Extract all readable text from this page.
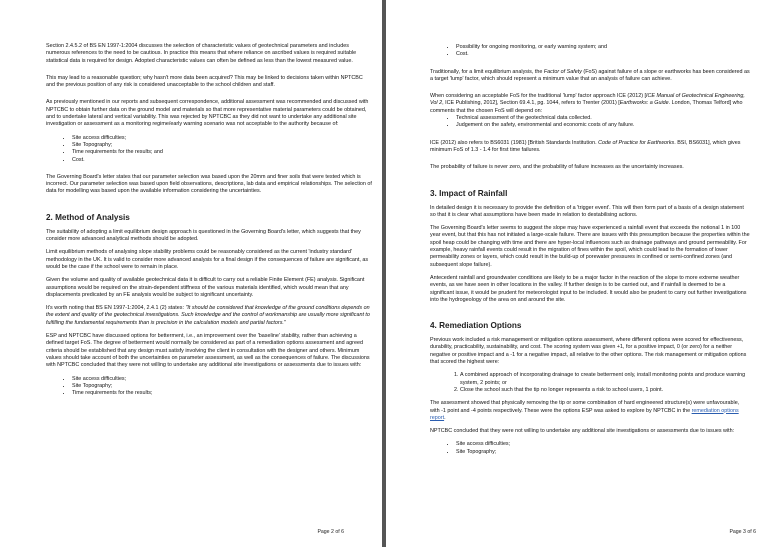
Section 2.4.5.2 of BS EN 1997-1:2004 discusses the selection of characteristic values of geotechnical parameters and includes numerous references to the need to be cautious. In practice this means that where reliance on ascribed values is required suitable statistical data is required for design. Adopted characteristic values can often be defined as less than the lowest measured value.

This may lead to a reasonable question; why hasn't more data been acquired? This may be linked to decisions taken within NPTCBC and the previous position of any risk is considered unacceptable to the school children and staff.

As previously mentioned in our reports and subsequent correspondence, additional assessment was recommended and discussed with NPTCBC to obtain further data on the ground model and materials so that more representative material parameters could be obtained, and to undertake lateral and vertical variability. This was rejected by NPTCBC as they did not want to undertake any additional site investigation or assessment as a monitoring regime/early warning scenario was not acceptable to the authority because of:

• Site access difficulties;
• Site Topography;
• Time requirements for the results; and
• Cost.

The Governing Board's letter states that our parameter selection was based upon the 20mm and finer soils that were tested which is incorrect. Our parameter selection was based upon field observations, descriptions, lab data and empirical relationships. The selection of data for modelling was based upon the available information considering the uncertainties.

2. Method of Analysis

The suitability of adopting a limit equilibrium design approach is questioned in the Governing Board's letter, which suggests that they consider more advanced analytical methods should be adopted.

Limit equilibrium methods of analysing slope stability problems could be reasonably considered as the current 'industry standard' methodology in the UK. It is valid to consider more advanced analysis for a final design if the consequences of failure are significant, as would be the case if the school were to remain in place.

Given the volume and quality of available geotechnical data it is difficult to carry out a reliable Finite Element (FE) analysis. Significant assumptions would be required on the strain-dependent stiffness of the various materials identified, which would mean that any displacements predicated by an FE analysis would be subject to significant uncertainty.

It's worth noting that BS EN 1997-1:2004, 2.4.1 (2) states: "It should be considered that knowledge of the ground conditions depends on the extent and quality of the geotechnical investigations. Such knowledge and the control of workmanship are usually more significant to fulfilling the fundamental requirements than is precision in the calculation models and partial factors."

ESP and NPTCBC have discussed options for betterment, i.e., an improvement over the 'baseline' stability, rather than achieving a defined target FoS. The degree of betterment would normally be considered as part of a remediation options assessment and agreed criteria should be established that any design must satisfy involving the client in consultation with the designer and others. Minimum values should take account of both the uncertainties on parameter assessment, as well as the consequences of failure. The discussions with NPTCBC concluded that they were not willing to undertake any additional site investigations or assessments due to issues with:

• Site access difficulties;
• Site Topography;
• Time requirements for the results;
Page 2 of 6
• Possibility for ongoing monitoring, or early warning system; and
• Cost.

Traditionally, for a limit equilibrium analysis, the Factor of Safety (FoS) against failure of a slope or earthworks has been considered as a target 'lump' factor, which should represent a minimum value that an analysis of failure can achieve.

When considering an acceptable FoS for the traditional 'lump' factor approach ICE (2012) [ICE Manual of Geotechnical Engineering, Vol 2, ICE Publishing, 2012], Section 69.4.1, pg. 1044, refers to Trenter (2001) [Earthworks: a Guide. London, Thomas Telford] who comments that the chosen FoS will depend on:

• Technical assessment of the geotechnical data collected.
• Judgement on the safety, environmental and economic costs of any failure.

ICE (2012) also refers to BS6031 (1981) [British Standards Institution. Code of Practice for Earthworks. BSI, BS6031], which gives minimum FoS of 1.3 - 1.4 for first time failures.

The probability of failure is never zero, and the probability of failure increases as the uncertainty increases.

3. Impact of Rainfall

In detailed design it is necessary to provide the definition of a 'trigger event'. This will then form part of a basis of a design statement so that it is clear what assumptions have been made in relation to destabilising actions.

The Governing Board's letter seems to suggest the slope may have experienced a rainfall event that exceeds the notional 1 in 100 year event, but that this has not initiated a large-scale failure. There are issues with this presumption because the properties within the spoil heap could be changing with time and there are hyper-local influences such as drainage pathways and ground permeability. For example, heavy rainfall events could result in the migration of fines within the spoil, which could lead to the formation of lower permeability zones or layers, which could result in the build-up of porewater pressures in confined or semi-confined zones (and subsequent slope failure).

Antecedent rainfall and groundwater conditions are likely to be a major factor in the reaction of the slope to more extreme weather events, as we have seen in other locations in the valley. If further design is to be carried out, and if rainfall is deemed to be a significant issue, it would be prudent for meteorologist input to be included. It would also be prudent to carry out further investigations into the hydrogeology of the area on and around the site.

4. Remediation Options

Previous work included a risk management or mitigation options assessment, where different options were scored for effectiveness, durability, practicability, sustainability, and cost. The scoring system was given +1, for a positive impact, 0 (or zero) for a neither negative or positive impact and a -1 for a negative impact, all relative to the other options. The risk management or mitigation options that scored the highest were:

1. A combined approach of incorporating drainage to create betterment only, install monitoring points and produce warning system, 2 points; or
2. Close the school such that the tip no longer represents a risk to school users, 1 point.

The assessment showed that physically removing the tip or some combination of hard engineered structure(s) were unfavourable, with -1 point and -4 points respectively. These were the options ESP was asked to explore by NPTCBC in the remediation options report.

NPTCBC concluded that they were not willing to undertake any additional site investigations or assessments due to issues with:

• Site access difficulties;
• Site Topography;
Page 3 of 6
